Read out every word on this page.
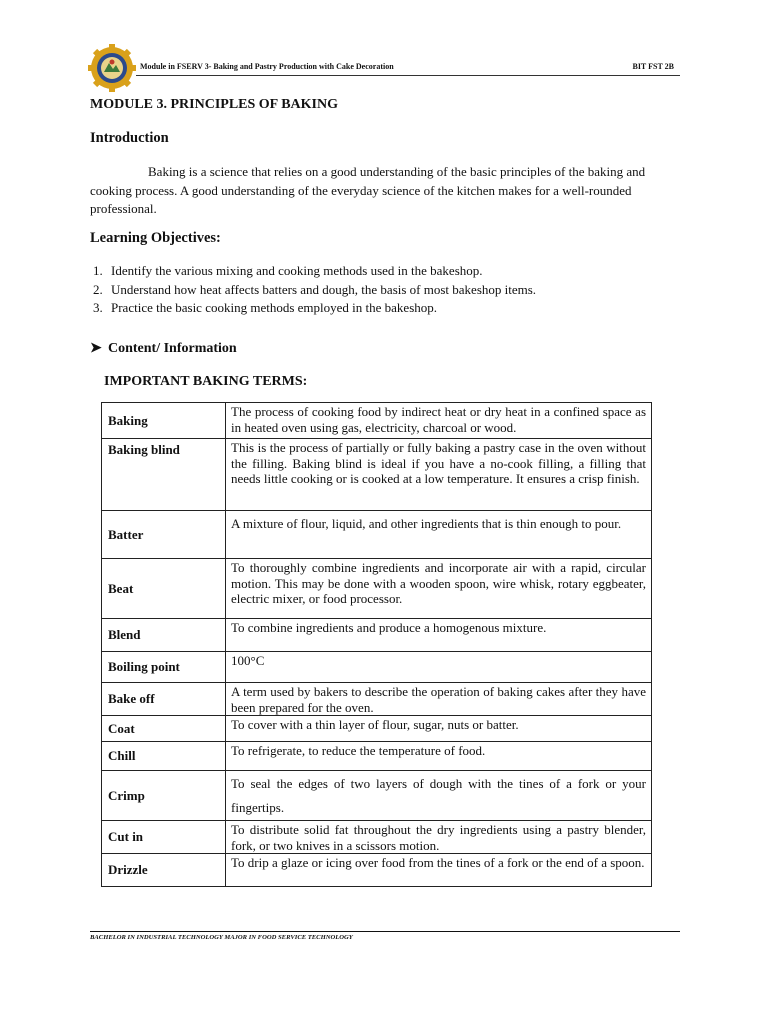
Module in FSERV 3- Baking and Pastry Production with Cake Decoration	BIT FST 2B
MODULE 3. PRINCIPLES OF BAKING
Introduction

Baking is a science that relies on a good understanding of the basic principles of the baking and cooking process. A good understanding of the everyday science of the kitchen makes for a well-rounded professional.

Learning Objectives:
1. Identify the various mixing and cooking methods used in the bakeshop.
2. Understand how heat affects batters and dough, the basis of most bakeshop items.
3. Practice the basic cooking methods employed in the bakeshop.
➤ Content/ Information
IMPORTANT BAKING TERMS:
Baking	The process of cooking food by indirect heat or dry heat in a confined space as in heated oven using gas, electricity, charcoal or wood.
Baking blind	This is the process of partially or fully baking a pastry case in the oven without the filling. Baking blind is ideal if you have a no-cook filling, a filling that needs little cooking or is cooked at a low temperature. It ensures a crisp finish.
Batter	A mixture of flour, liquid, and other ingredients that is thin enough to pour.
Beat	To thoroughly combine ingredients and incorporate air with a rapid, circular motion. This may be done with a wooden spoon, wire whisk, rotary eggbeater, electric mixer, or food processor.
Blend	To combine ingredients and produce a homogenous mixture.
Boiling point	100°C
Bake off	A term used by bakers to describe the operation of baking cakes after they have been prepared for the oven.
Coat	To cover with a thin layer of flour, sugar, nuts or batter.
Chill	To refrigerate, to reduce the temperature of food.
Crimp	To seal the edges of two layers of dough with the tines of a fork or your fingertips.
Cut in	To distribute solid fat throughout the dry ingredients using a pastry blender, fork, or two knives in a scissors motion.
Drizzle	To drip a glaze or icing over food from the tines of a fork or the end of a spoon.
BACHELOR IN INDUSTRIAL TECHNOLOGY MAJOR IN FOOD SERVICE TECHNOLOGY
